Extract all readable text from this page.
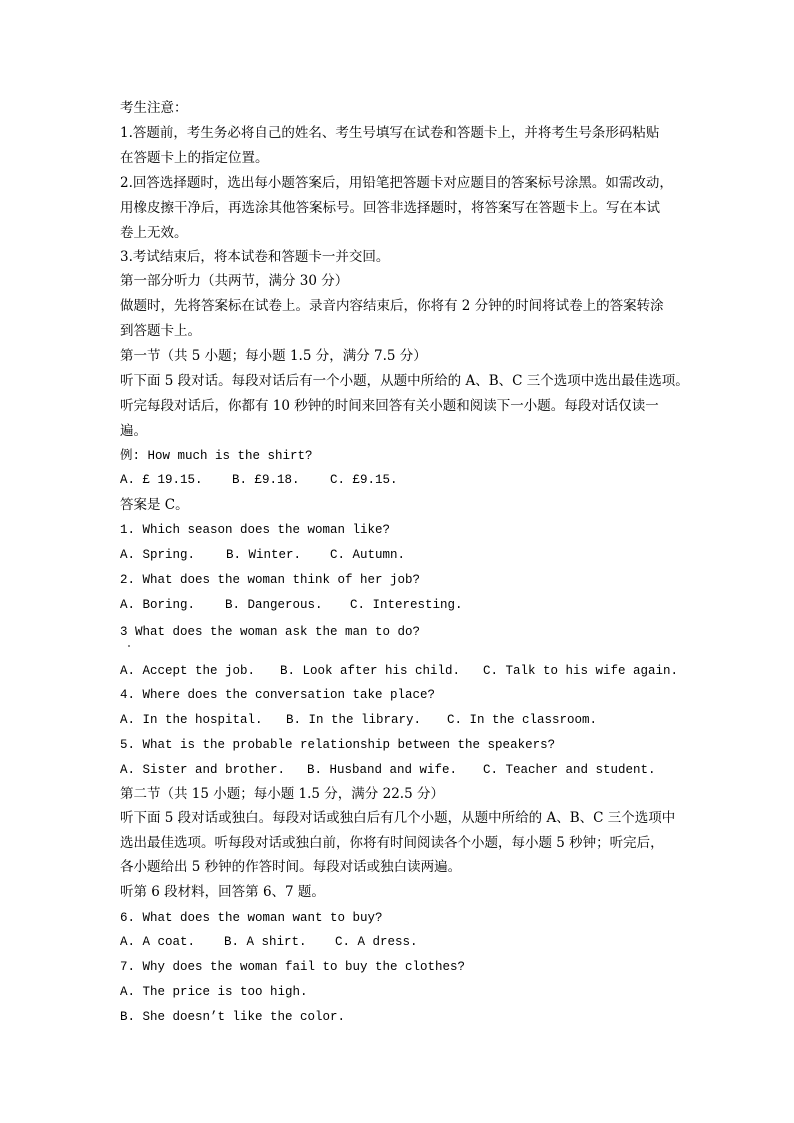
考生注意：
1.答题前，考生务必将自己的姓名、考生号填写在试卷和答题卡上，并将考生号条形码粘贴
在答题卡上的指定位置。
2.回答选择题时，选出每小题答案后，用铅笔把答题卡对应题目的答案标号涂黑。如需改动，
用橡皮擦干净后，再选涂其他答案标号。回答非选择题时，将答案写在答题卡上。写在本试
卷上无效。
3.考试结束后，将本试卷和答题卡一并交回。
第一部分听力（共两节，满分 30 分）
做题时，先将答案标在试卷上。录音内容结束后，你将有 2 分钟的时间将试卷上的答案转涂
到答题卡上。
第一节（共 5 小题；每小题 1.5 分，满分 7.5 分）
听下面 5 段对话。每段对话后有一个小题，从题中所给的 A、B、C 三个选项中选出最佳选项。
听完每段对话后，你都有 10 秒钟的时间来回答有关小题和阅读下一小题。每段对话仅读一
遍。
例: How much is the shirt?
A. £ 19.15.	B. £9.18.	C. £9.15.
答案是 C。
1. Which season does the woman like?
A. Spring.	B. Winter.	C. Autumn.
2. What does the woman think of her job?
A. Boring.	B. Dangerous.	C. Interesting.
3 What does the woman ask the man to do?
A. Accept the job.	B. Look after his child.	C. Talk to his wife again.
4. Where does the conversation take place?
A. In the hospital.	B. In the library.	C. In the classroom.
5. What is the probable relationship between the speakers?
A. Sister and brother.	B. Husband and wife.	C. Teacher and student.
第二节（共 15 小题；每小题 1.5 分，满分 22.5 分）
听下面 5 段对话或独白。每段对话或独白后有几个小题，从题中所给的 A、B、C 三个选项中
选出最佳选项。听每段对话或独白前，你将有时间阅读各个小题，每小题 5 秒钟；听完后，
各小题给出 5 秒钟的作答时间。每段对话或独白读两遍。
听第 6 段材料，回答第 6、7 题。
6. What does the woman want to buy?
A. A coat.	B. A shirt.	C. A dress.
7. Why does the woman fail to buy the clothes?
A. The price is too high.
B. She doesn’t like the color.
